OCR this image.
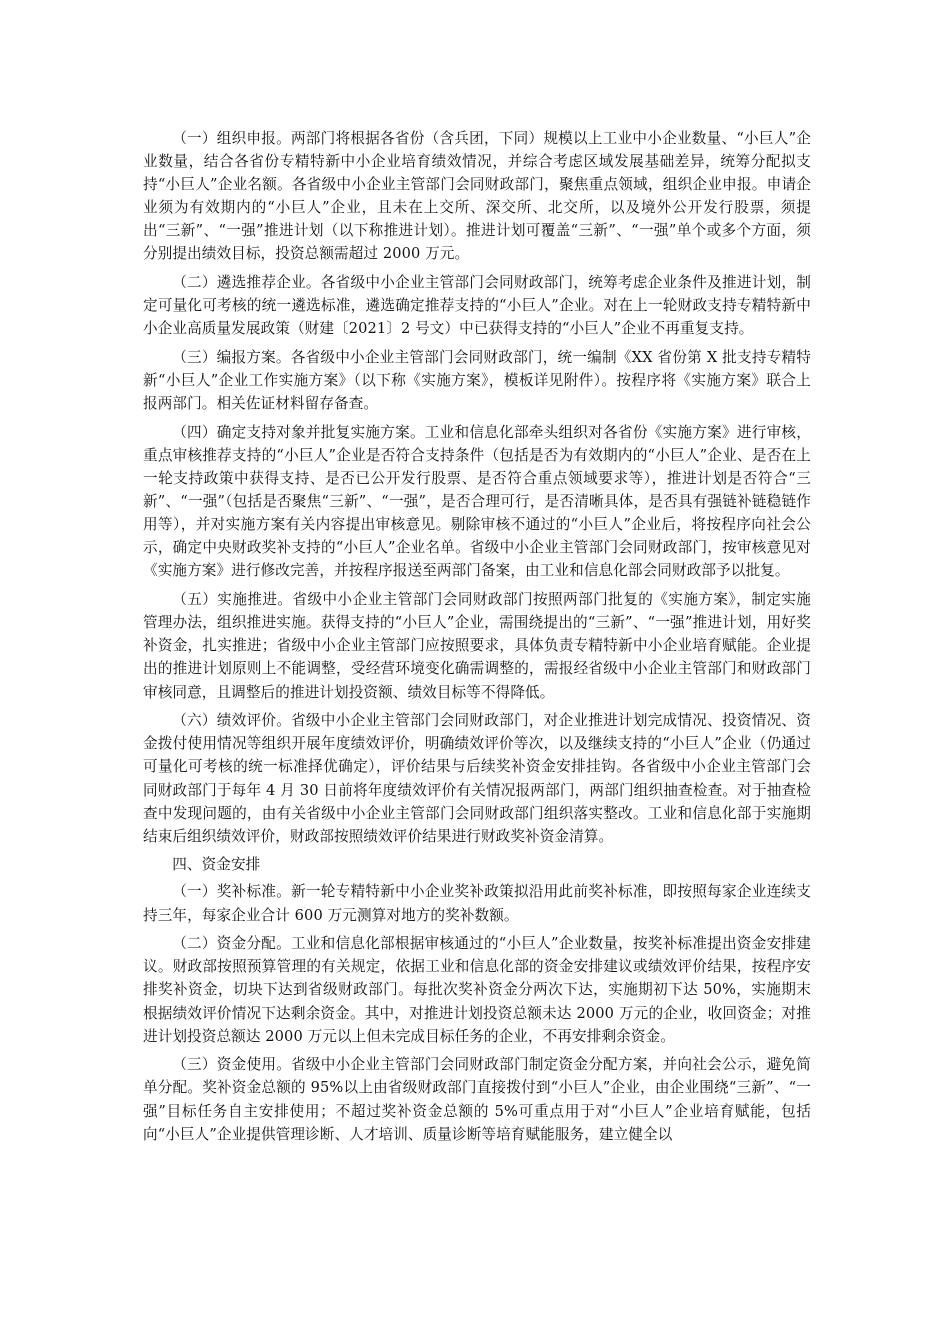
（一）组织申报。两部门将根据各省份（含兵团，下同）规模以上工业中小企业数量、“小巨人”企业数量，结合各省份专精特新中小企业培育绩效情况，并综合考虑区域发展基础差异，统筹分配拟支持“小巨人”企业名额。各省级中小企业主管部门会同财政部门，聚焦重点领域，组织企业申报。申请企业须为有效期内的“小巨人”企业，且未在上交所、深交所、北交所，以及境外公开发行股票，须提出“三新”、“一强”推进计划（以下称推进计划）。推进计划可覆盖“三新”、“一强”单个或多个方面，须分别提出绩效目标，投资总额需超过 2000 万元。

（二）遴选推荐企业。各省级中小企业主管部门会同财政部门，统筹考虑企业条件及推进计划，制定可量化可考核的统一遴选标准，遴选确定推荐支持的“小巨人”企业。对在上一轮财政支持专精特新中小企业高质量发展政策（财建〔2021〕2 号文）中已获得支持的“小巨人”企业不再重复支持。

（三）编报方案。各省级中小企业主管部门会同财政部门，统一编制《XX 省份第 X 批支持专精特新“小巨人”企业工作实施方案》（以下称《实施方案》，模板详见附件）。按程序将《实施方案》联合上报两部门。相关佐证材料留存备查。

（四）确定支持对象并批复实施方案。工业和信息化部牵头组织对各省份《实施方案》进行审核，重点审核推荐支持的“小巨人”企业是否符合支持条件（包括是否为有效期内的“小巨人”企业、是否在上一轮支持政策中获得支持、是否已公开发行股票、是否符合重点领域要求等），推进计划是否符合“三新”、“一强”（包括是否聚焦“三新”、“一强”，是否合理可行，是否清晰具体，是否具有强链补链稳链作用等），并对实施方案有关内容提出审核意见。剔除审核不通过的“小巨人”企业后，将按程序向社会公示，确定中央财政奖补支持的“小巨人”企业名单。省级中小企业主管部门会同财政部门，按审核意见对《实施方案》进行修改完善，并按程序报送至两部门备案，由工业和信息化部会同财政部予以批复。

（五）实施推进。省级中小企业主管部门会同财政部门按照两部门批复的《实施方案》，制定实施管理办法，组织推进实施。获得支持的“小巨人”企业，需围绕提出的“三新”、“一强”推进计划，用好奖补资金，扎实推进；省级中小企业主管部门应按照要求，具体负责专精特新中小企业培育赋能。企业提出的推进计划原则上不能调整，受经营环境变化确需调整的，需报经省级中小企业主管部门和财政部门审核同意，且调整后的推进计划投资额、绩效目标等不得降低。

（六）绩效评价。省级中小企业主管部门会同财政部门，对企业推进计划完成情况、投资情况、资金拨付使用情况等组织开展年度绩效评价，明确绩效评价等次，以及继续支持的“小巨人”企业（仍通过可量化可考核的统一标准择优确定），评价结果与后续奖补资金安排挂钩。各省级中小企业主管部门会同财政部门于每年 4 月 30 日前将年度绩效评价有关情况报两部门，两部门组织抽查检查。对于抽查检查中发现问题的，由有关省级中小企业主管部门会同财政部门组织落实整改。工业和信息化部于实施期结束后组织绩效评价，财政部按照绩效评价结果进行财政奖补资金清算。

四、资金安排

（一）奖补标准。新一轮专精特新中小企业奖补政策拟沿用此前奖补标准，即按照每家企业连续支持三年，每家企业合计 600 万元测算对地方的奖补数额。

（二）资金分配。工业和信息化部根据审核通过的“小巨人”企业数量，按奖补标准提出资金安排建议。财政部按照预算管理的有关规定，依据工业和信息化部的资金安排建议或绩效评价结果，按程序安排奖补资金，切块下达到省级财政部门。每批次奖补资金分两次下达，实施期初下达 50%，实施期末根据绩效评价情况下达剩余资金。其中，对推进计划投资总额未达 2000 万元的企业，收回资金；对推进计划投资总额达 2000 万元以上但未完成目标任务的企业，不再安排剩余资金。

（三）资金使用。省级中小企业主管部门会同财政部门制定资金分配方案，并向社会公示，避免简单分配。奖补资金总额的 95%以上由省级财政部门直接拨付到“小巨人”企业，由企业围绕“三新”、“一强”目标任务自主安排使用；不超过奖补资金总额的 5%可重点用于对“小巨人”企业培育赋能，包括向“小巨人”企业提供管理诊断、人才培训、质量诊断等培育赋能服务，建立健全以
